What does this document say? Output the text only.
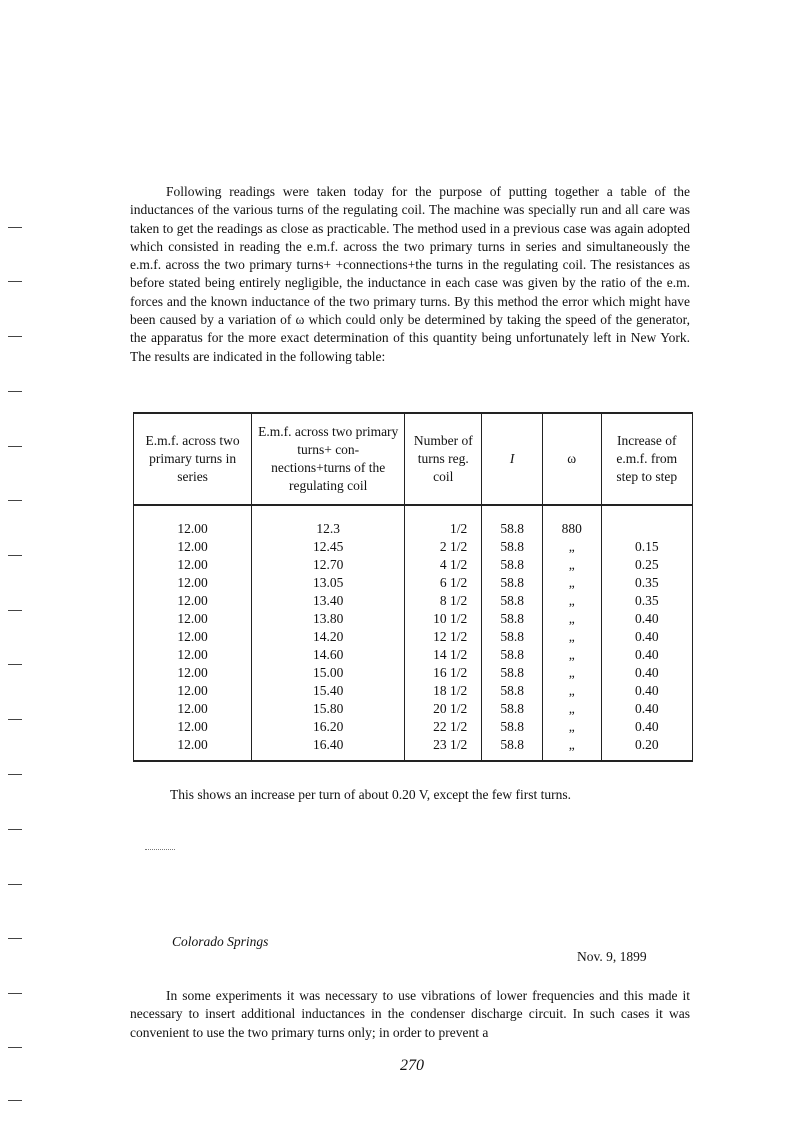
Following readings were taken today for the purpose of putting together a table of the inductances of the various turns of the regulating coil. The machine was specially run and all care was taken to get the readings as close as practicable. The method used in a previous case was again adopted which consisted in reading the e.m.f. across the two primary turns in series and simultaneously the e.m.f. across the two primary turns+ +connections+the turns in the regulating coil. The resistances as before stated being entirely negligible, the inductance in each case was given by the ratio of the e.m. forces and the known inductance of the two primary turns. By this method the error which might have been caused by a variation of ω which could only be determined by taking the speed of the generator, the apparatus for the more exact determination of this quantity being unfortunately left in New York. The results are indicated in the following table:

E.m.f. across two primary turns in series	E.m.f. across two primary turns+ con- nections+turns of the regulating coil	Number of turns reg. coil	I	ω	Increase of e.m.f. from step to step

12.00	12.3	1/2	58.8	880	
12.00	12.45	2 1/2	58.8	„	0.15
12.00	12.70	4 1/2	58.8	„	0.25
12.00	13.05	6 1/2	58.8	„	0.35
12.00	13.40	8 1/2	58.8	„	0.35
12.00	13.80	10 1/2	58.8	„	0.40
12.00	14.20	12 1/2	58.8	„	0.40
12.00	14.60	14 1/2	58.8	„	0.40
12.00	15.00	16 1/2	58.8	„	0.40
12.00	15.40	18 1/2	58.8	„	0.40
12.00	15.80	20 1/2	58.8	„	0.40
12.00	16.20	22 1/2	58.8	„	0.40
12.00	16.40	23 1/2	58.8	„	0.20

This shows an increase per turn of about 0.20 V, except the few first turns.

Colorado Springs

Nov. 9, 1899

In some experiments it was necessary to use vibrations of lower frequencies and this made it necessary to insert additional inductances in the condenser discharge circuit. In such cases it was convenient to use the two primary turns only; in order to prevent a

270
